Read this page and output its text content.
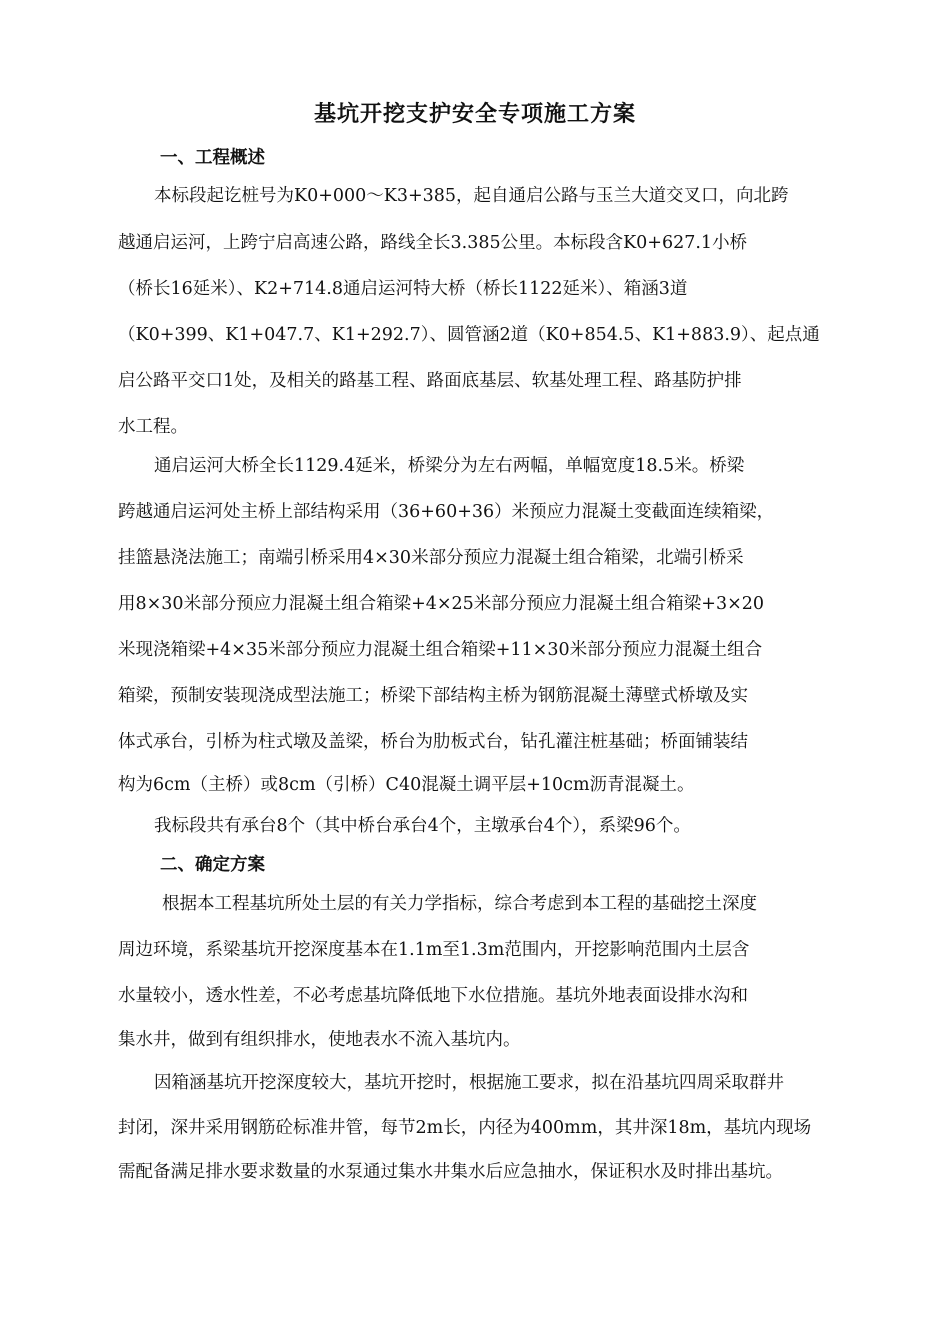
基坑开挖支护安全专项施工方案
一、工程概述
本标段起讫桩号为K0+000～K3+385，起自通启公路与玉兰大道交叉口，向北跨
越通启运河，上跨宁启高速公路，路线全长3.385公里。本标段含K0+627.1小桥
（桥长16延米）、K2+714.8通启运河特大桥（桥长1122延米）、箱涵3道
（K0+399、K1+047.7、K1+292.7）、圆管涵2道（K0+854.5、K1+883.9）、起点通
启公路平交口1处，及相关的路基工程、路面底基层、软基处理工程、路基防护排
水工程。
通启运河大桥全长1129.4延米，桥梁分为左右两幅，单幅宽度18.5米。桥梁
跨越通启运河处主桥上部结构采用（36+60+36）米预应力混凝土变截面连续箱梁，
挂篮悬浇法施工；南端引桥采用4×30米部分预应力混凝土组合箱梁，北端引桥采
用8×30米部分预应力混凝土组合箱梁+4×25米部分预应力混凝土组合箱梁+3×20
米现浇箱梁+4×35米部分预应力混凝土组合箱梁+11×30米部分预应力混凝土组合
箱梁，预制安装现浇成型法施工；桥梁下部结构主桥为钢筋混凝土薄壁式桥墩及实
体式承台，引桥为柱式墩及盖梁，桥台为肋板式台，钻孔灌注桩基础；桥面铺装结
构为6cm（主桥）或8cm（引桥）C40混凝土调平层+10cm沥青混凝土。
我标段共有承台8个（其中桥台承台4个，主墩承台4个），系梁96个。
二、确定方案
根据本工程基坑所处土层的有关力学指标，综合考虑到本工程的基础挖土深度
周边环境，系梁基坑开挖深度基本在1.1m至1.3m范围内，开挖影响范围内土层含
水量较小，透水性差，不必考虑基坑降低地下水位措施。基坑外地表面设排水沟和
集水井，做到有组织排水，使地表水不流入基坑内。
因箱涵基坑开挖深度较大，基坑开挖时，根据施工要求，拟在沿基坑四周采取群井
封闭，深井采用钢筋砼标准井管，每节2m长，内径为400mm，其井深18m，基坑内现场
需配备满足排水要求数量的水泵通过集水井集水后应急抽水，保证积水及时排出基坑。
